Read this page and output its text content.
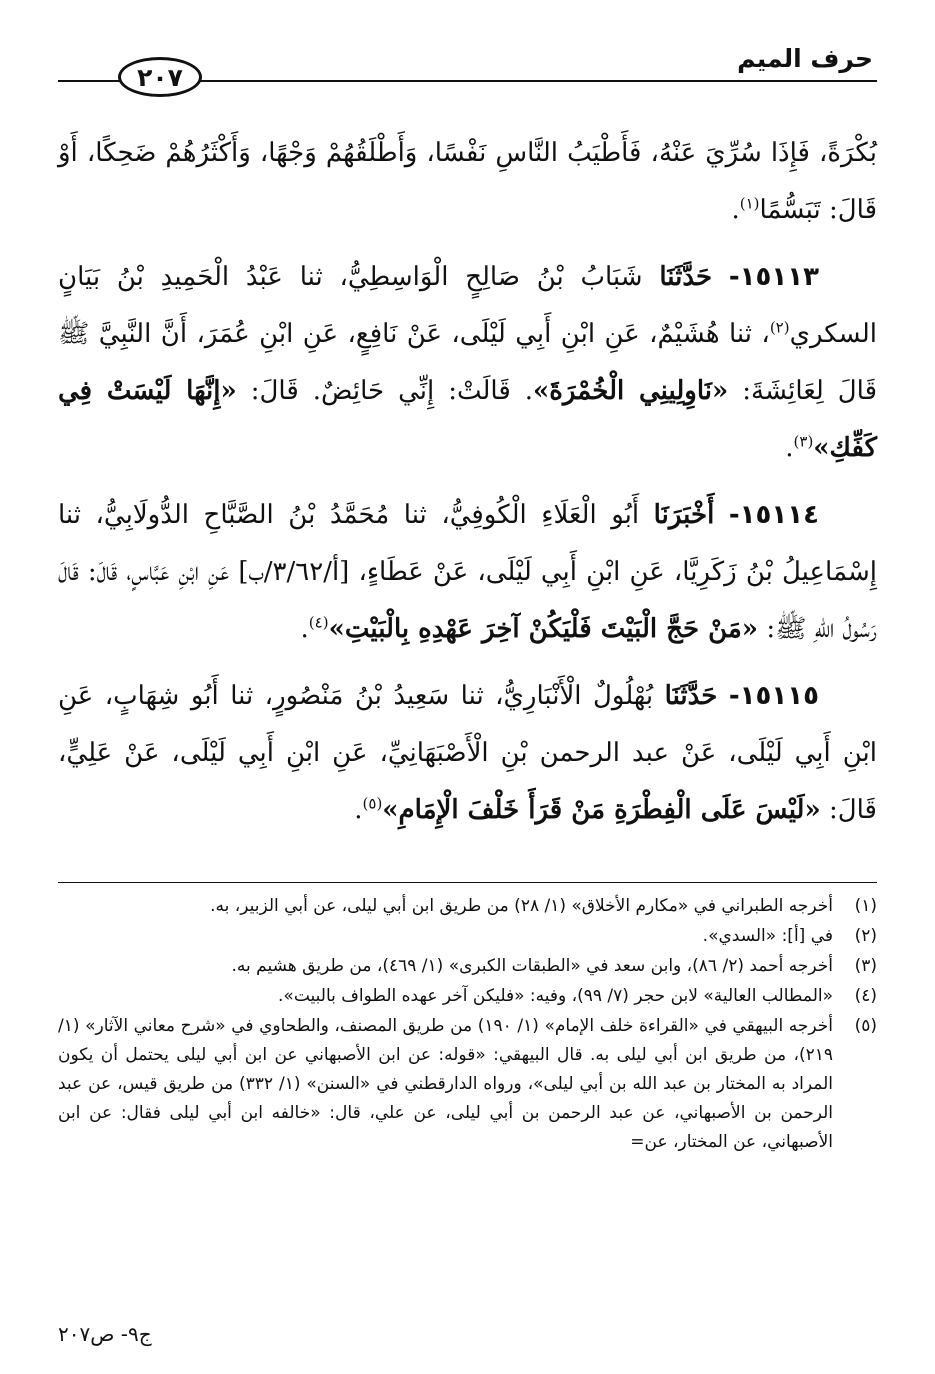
حرف الميم
٢٠٧

بُكْرَةً، فَإِذَا سُرِّيَ عَنْهُ، فَأَطْيَبُ النَّاسِ نَفْسًا، وَأَطْلَقُهُمْ وَجْهًا، وَأَكْثَرُهُمْ ضَحِكًا، أَوْ قَالَ: تَبَسُّمًا$^{(١)}$.

١٥١١٣- حَدَّثَنَا شَبَابُ بْنُ صَالِحٍ الْوَاسِطِيُّ، ثنا عَبْدُ الْحَمِيدِ بْنُ بَيَانٍ السكري$^{(٢)}$، ثنا هُشَيْمٌ، عَنِ ابْنِ أَبِي لَيْلَى، عَنْ نَافِعٍ، عَنِ ابْنِ عُمَرَ، أَنَّ النَّبِيَّ ﷺ قَالَ لِعَائِشَةَ: «نَاوِلِينِي الْخُمْرَةَ». قَالَتْ: إِنِّي حَائِضٌ. قَالَ: «إِنَّهَا لَيْسَتْ فِي كَفِّكِ»$^{(٣)}$.

١٥١١٤- أَخْبَرَنَا أَبُو الْعَلَاءِ الْكُوفِيُّ، ثنا مُحَمَّدُ بْنُ الصَّبَّاحِ الدُّولَابِيُّ، ثنا إِسْمَاعِيلُ بْنُ زَكَرِيَّا، عَنِ ابْنِ أَبِي لَيْلَى، عَنْ عَطَاءٍ، [أ/٣/٦٢/ب] عَنِ ابْنِ عَبَّاسٍ، قَالَ: قَالَ رَسُولُ اللهِ ﷺ: «مَنْ حَجَّ الْبَيْتَ فَلْيَكُنْ آخِرَ عَهْدِهِ بِالْبَيْتِ»$^{(٤)}$.

١٥١١٥- حَدَّثَنَا بُهْلُولٌ الْأَنْبَارِيُّ، ثنا سَعِيدُ بْنُ مَنْصُورٍ، ثنا أَبُو شِهَابٍ، عَنِ ابْنِ أَبِي لَيْلَى، عَنْ عبد الرحمن بْنِ الْأَصْبَهَانِيِّ، عَنِ ابْنِ أَبِي لَيْلَى، عَنْ عَلِيٍّ، قَالَ: «لَيْسَ عَلَى الْفِطْرَةِ مَنْ قَرَأَ خَلْفَ الْإِمَامِ»$^{(٥)}$.

(١)
أخرجه الطبراني في «مكارم الأخلاق» (١/ ٢٨) من طريق ابن أبي ليلى، عن أبي الزبير، به.
(٢)
في [أ]: «السدي».
(٣)
أخرجه أحمد (٢/ ٨٦)، وابن سعد في «الطبقات الكبرى» (١/ ٤٦٩)، من طريق هشيم به.
(٤)
«المطالب العالية» لابن حجر (٧/ ٩٩)، وفيه: «فليكن آخر عهده الطواف بالبيت».
(٥)
أخرجه البيهقي في «القراءة خلف الإمام» (١/ ١٩٠) من طريق المصنف، والطحاوي في «شرح معاني الآثار» (١/ ٢١٩)، من طريق ابن أبي ليلى به. قال البيهقي: «قوله: عن ابن الأصبهاني عن ابن أبي ليلى يحتمل أن يكون المراد به المختار بن عبد الله بن أبي ليلى»، ورواه الدارقطني في «السنن» (١/ ٣٣٢) من طريق قيس، عن عبد الرحمن بن الأصبهاني، عن عبد الرحمن بن أبي ليلى، عن علي، قال: «خالفه ابن أبي ليلى فقال: عن ابن الأصبهاني، عن المختار، عن=
ج٩- ص٢٠٧
